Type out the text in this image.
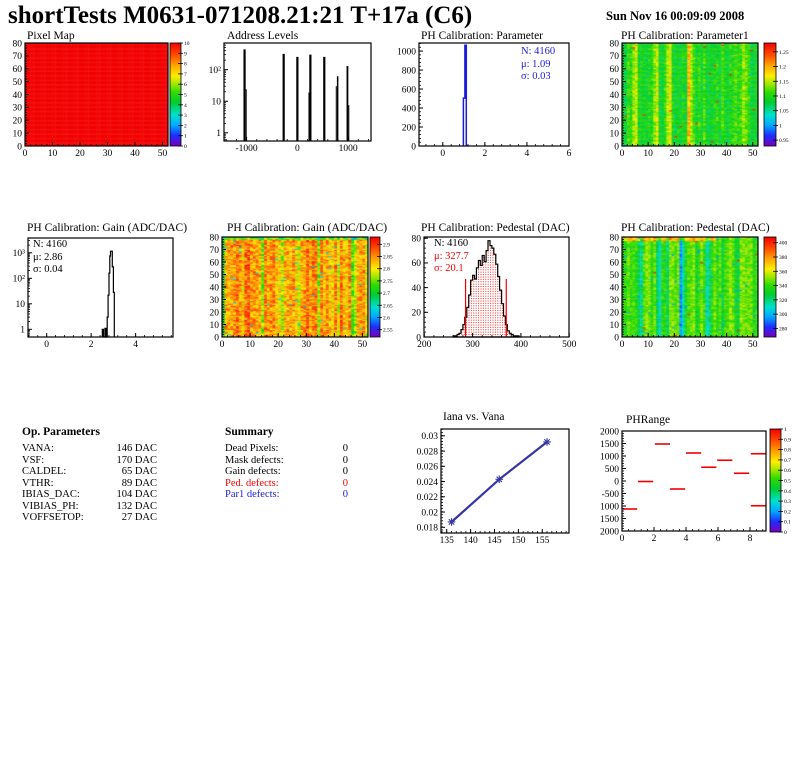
shortTests M0631-071208.21:21 T+17a (C6)	Sun Nov 16 00:09:09 2008
0 10 20 30 40 50
0
10
20
30
40
50
60
70
80	10
9
8
7
6
5
4
3
2
1
0	-1000	0	1000
1
10
10²
0	2	4	6
0
200
400
600
800
1000
0 10 20 30 40 50
0
10
20
30
40
50
60
70
80
1.25
1.2
1.15
1.1
1.05
1
0.95
0	2	4
1
10
10²
10³
0 10 20 30 40 50
0
10
20
30
40
50
60
70
80
2.9
2.85
2.8
2.75
2.7
2.65
2.6
2.55
200	300	400	500
0
20
40
60
80
0 10 20 30 40 50
0
10
20
30
40
50
60
70
80
400
380
360
340
320
300
280
135 140 145 150 155
0.018
0.02
0.022
0.024
0.026
0.028
0.03
0	2	4	6	8
2000
1500
1000
-500
0
500
1000
1500
2000	1
0.9
0.8
0.7
0.6
0.5
0.4
0.3
0.2
0.1
0
Pixel Map	Address Levels	PH Calibration: Parameter	PH Calibration: Parameter1
PH Calibration: Gain (ADC/DAC)	PH Calibration: Gain (ADC/DAC)	PH Calibration: Pedestal (DAC)	PH Calibration: Pedestal (DAC)
Iana vs. Vana	PHRange
N: 4160
μ: 1.09
σ: 0.03
N: 4160
μ: 2.86
σ: 0.04
N: 4160
μ: 327.7
σ: 20.1
Op. Parameters
VANA:	146 DAC
VSF:	170 DAC
CALDEL:	65 DAC
VTHR:	89 DAC
IBIAS_DAC:	104 DAC
VIBIAS_PH:	132 DAC
VOFFSETOP:	27 DAC
Summary
Dead Pixels:	0
Mask defects:	0
Gain defects:	0
Ped. defects:	0
Par1 defects:	0
